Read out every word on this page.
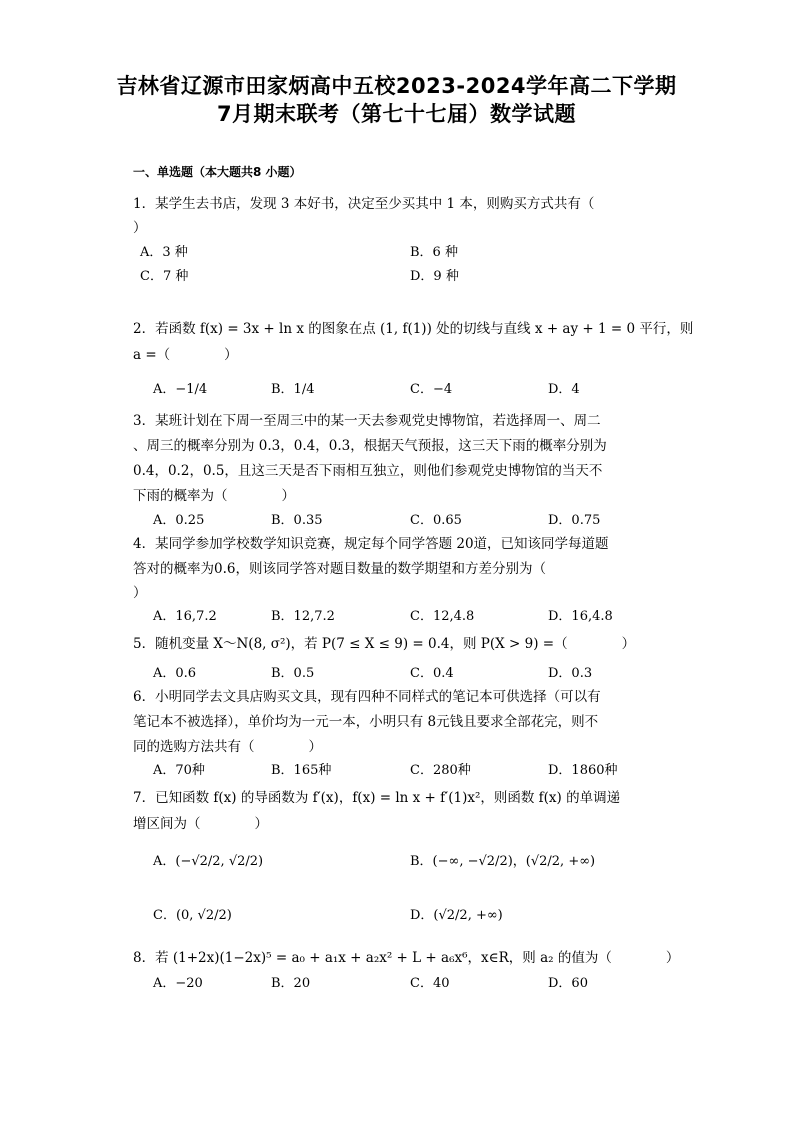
吉林省辽源市田家炳高中五校2023-2024学年高二下学期
7月期末联考（第七十七届）数学试题
一、单选题（本大题共8 小题）
1．某学生去书店，发现 3 本好书，决定至少买其中 1 本，则购买方式共有（
）
A．3 种	B．6 种
C．7 种	D．9 种
2．若函数 f(x) = 3x + ln x 的图象在点 (1, f(1)) 处的切线与直线 x + ay + 1 = 0 平行，则
a =（　　　　）
A．−1/4	B．1/4	C．−4	D．4
3．某班计划在下周一至周三中的某一天去参观党史博物馆，若选择周一、周二
、周三的概率分别为 0.3，0.4，0.3，根据天气预报，这三天下雨的概率分别为
0.4，0.2，0.5，且这三天是否下雨相互独立，则他们参观党史博物馆的当天不
下雨的概率为（　　　　）
A．0.25	B．0.35	C．0.65	D．0.75
4．某同学参加学校数学知识竞赛，规定每个同学答题 20道，已知该同学每道题
答对的概率为0.6，则该同学答对题目数量的数学期望和方差分别为（
）
A．16,7.2	B．12,7.2	C．12,4.8	D．16,4.8
5．随机变量 X～N(8, σ²)，若 P(7 ≤ X ≤ 9) = 0.4，则 P(X > 9) =（　　　　）
A．0.6	B．0.5	C．0.4	D．0.3
6．小明同学去文具店购买文具，现有四种不同样式的笔记本可供选择（可以有
笔记本不被选择），单价均为一元一本，小明只有 8元钱且要求全部花完，则不
同的选购方法共有（　　　　）
A．70种	B．165种	C．280种	D．1860种
7．已知函数 f(x) 的导函数为 f′(x)，f(x) = ln x + f′(1)x²，则函数 f(x) 的单调递
增区间为（　　　　）
A．(−√2/2, √2/2)	B．(−∞, −√2/2)，(√2/2, +∞)
C．(0, √2/2)	D．(√2/2, +∞)
8．若 (1+2x)(1−2x)⁵ = a₀ + a₁x + a₂x² + L + a₆x⁶，x∈R，则 a₂ 的值为（　　　　）
A．−20	B．20	C．40	D．60
